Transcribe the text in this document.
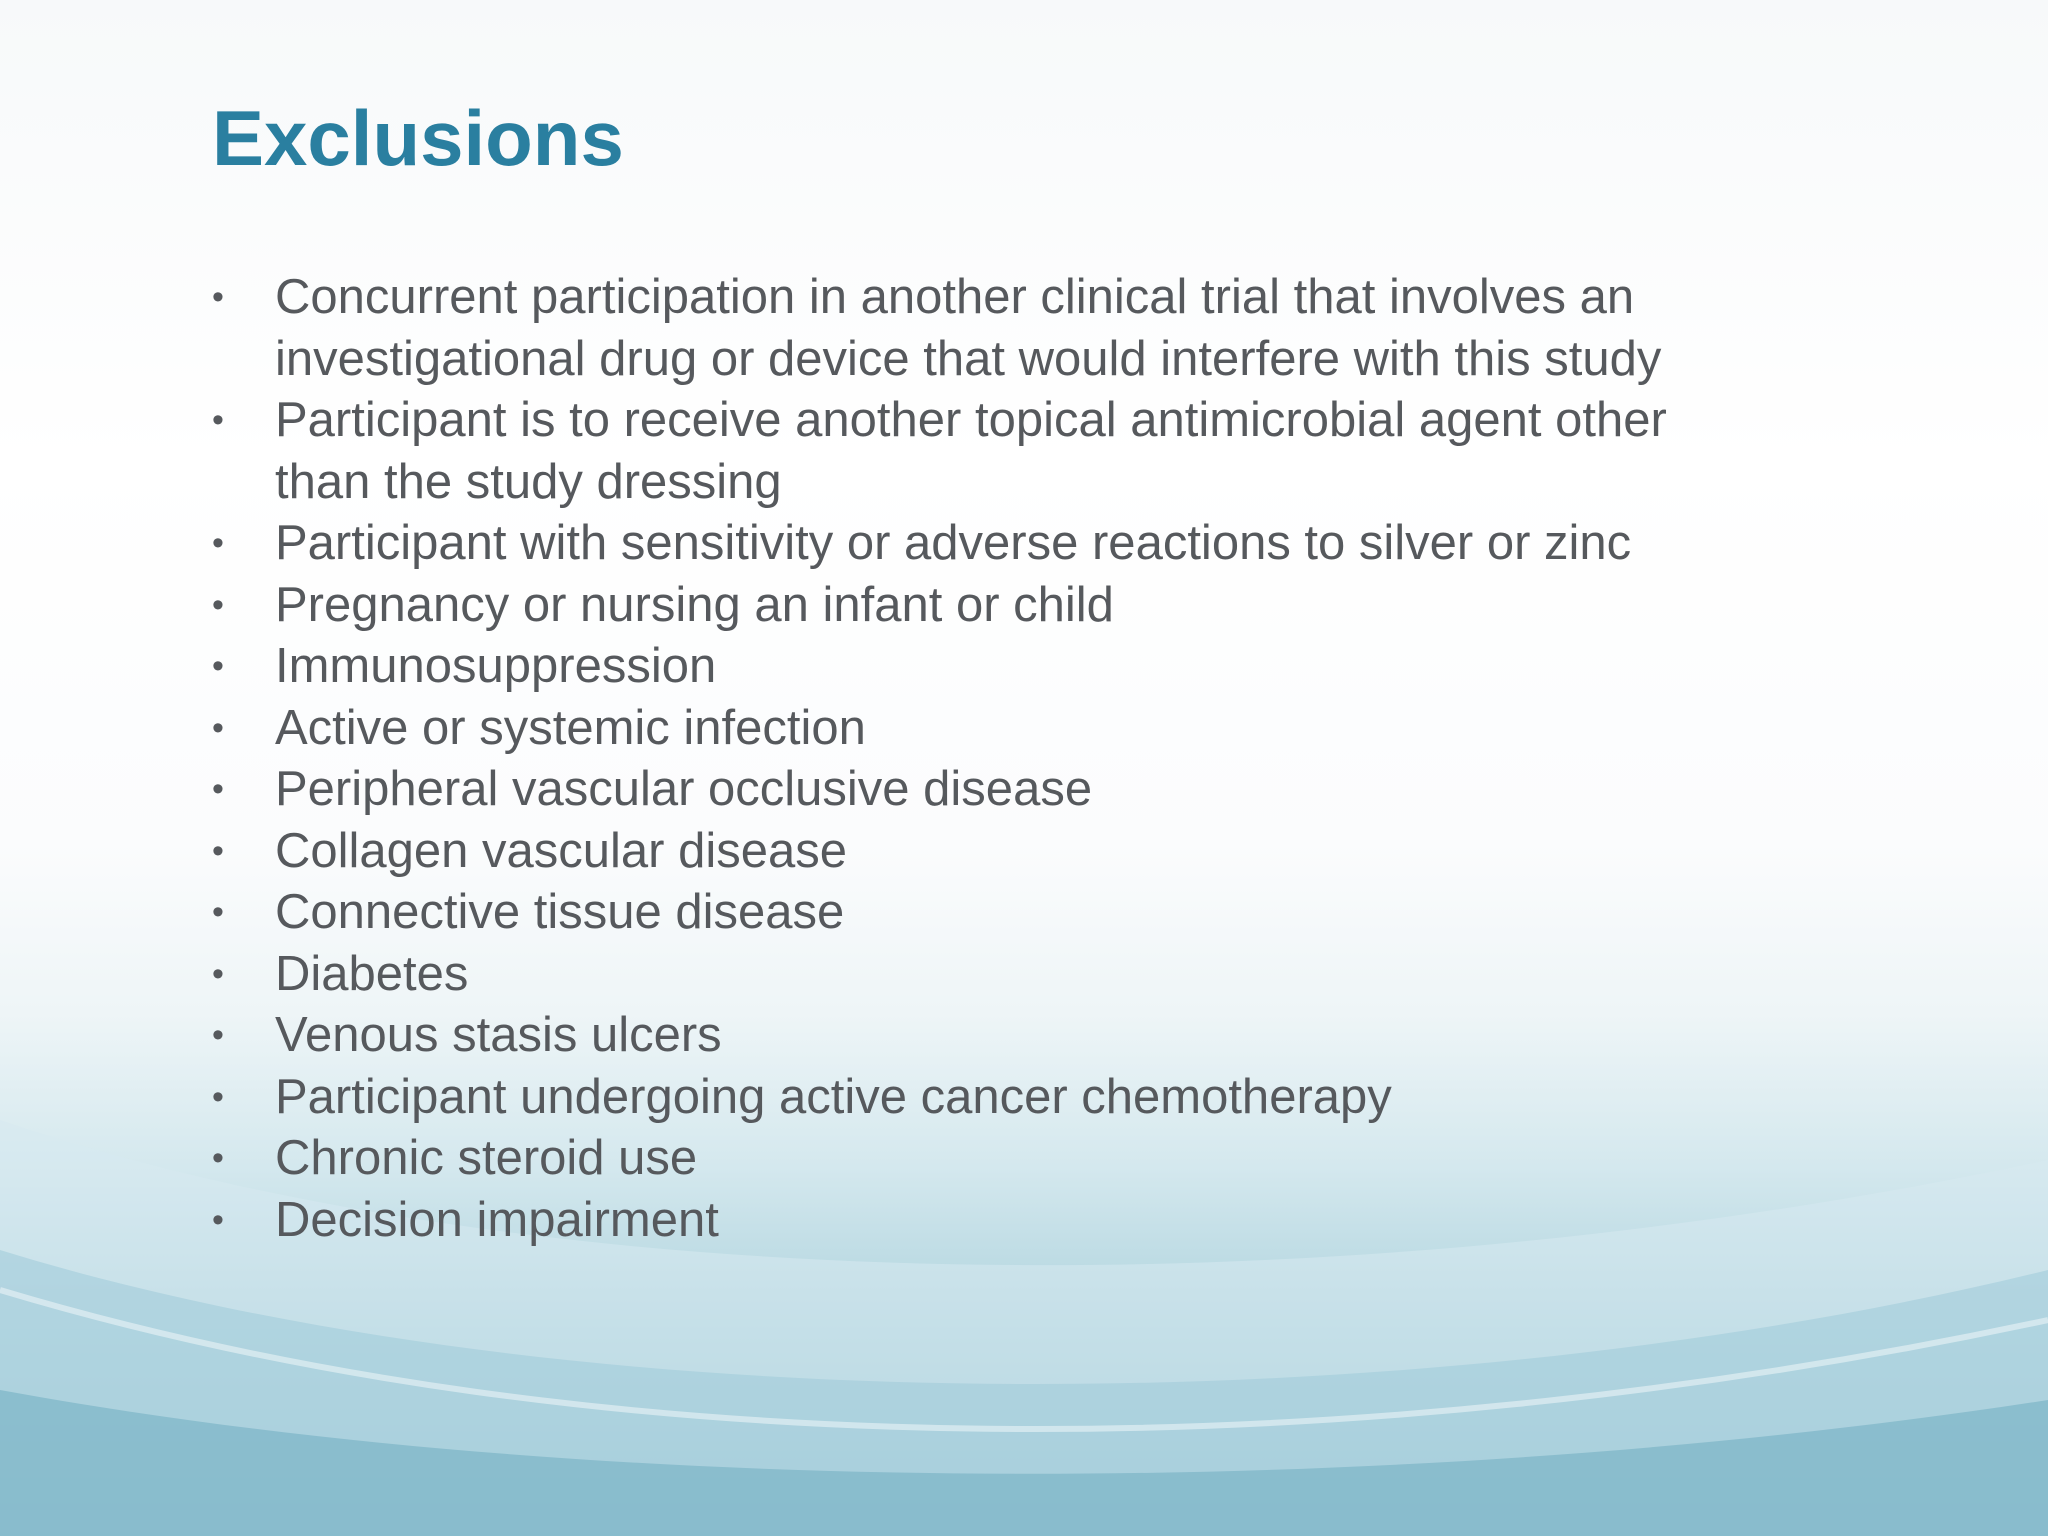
Exclusions
• Concurrent participation in another clinical trial that involves an investigational drug or device that would interfere with this study
• Participant is to receive another topical antimicrobial agent other than the study dressing
• Participant with sensitivity or adverse reactions to silver or zinc
• Pregnancy or nursing an infant or child
• Immunosuppression
• Active or systemic infection
• Peripheral vascular occlusive disease
• Collagen vascular disease
• Connective tissue disease
• Diabetes
• Venous stasis ulcers
• Participant undergoing active cancer chemotherapy
• Chronic steroid use
• Decision impairment
